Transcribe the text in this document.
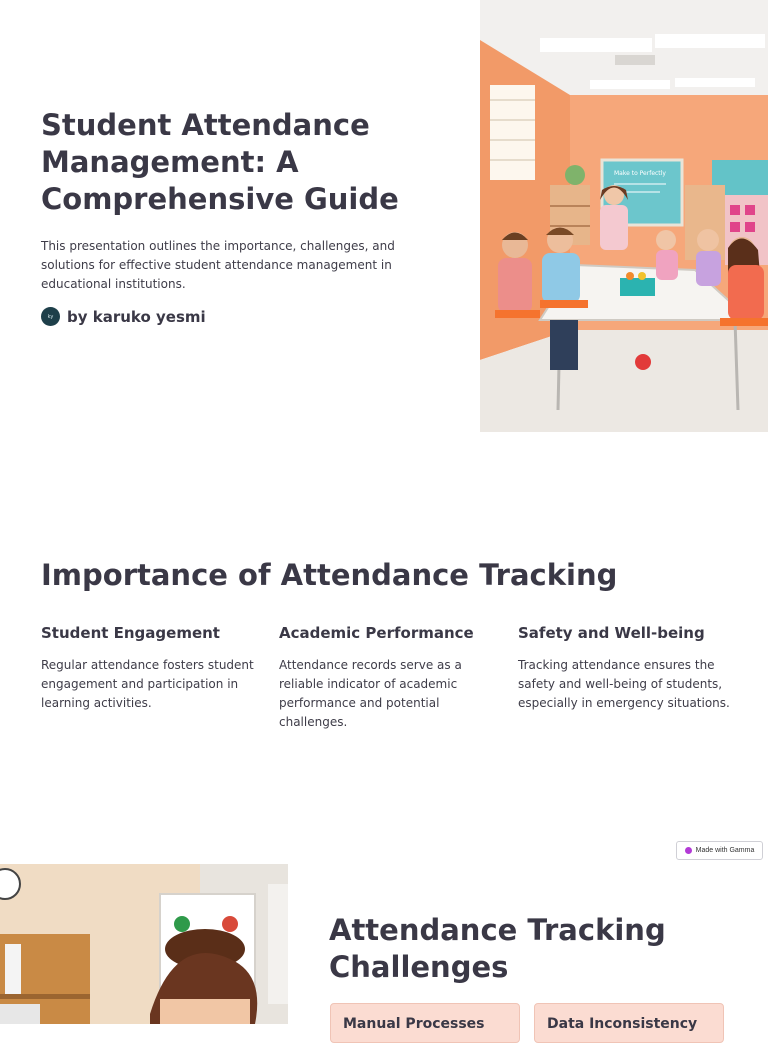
Student Attendance Management: A Comprehensive Guide

This presentation outlines the importance, challenges, and solutions for effective student attendance management in educational institutions.

ky by karuko yesmi
Make to Perfectly
Importance of Attendance Tracking
Student Engagement

Regular attendance fosters student engagement and participation in learning activities.

Academic Performance

Attendance records serve as a reliable indicator of academic performance and potential challenges.

Safety and Well-being

Tracking attendance ensures the safety and well-being of students, especially in emergency situations.

Made with Gamma
Attendance Tracking Challenges
Manual Processes	Data Inconsistency
